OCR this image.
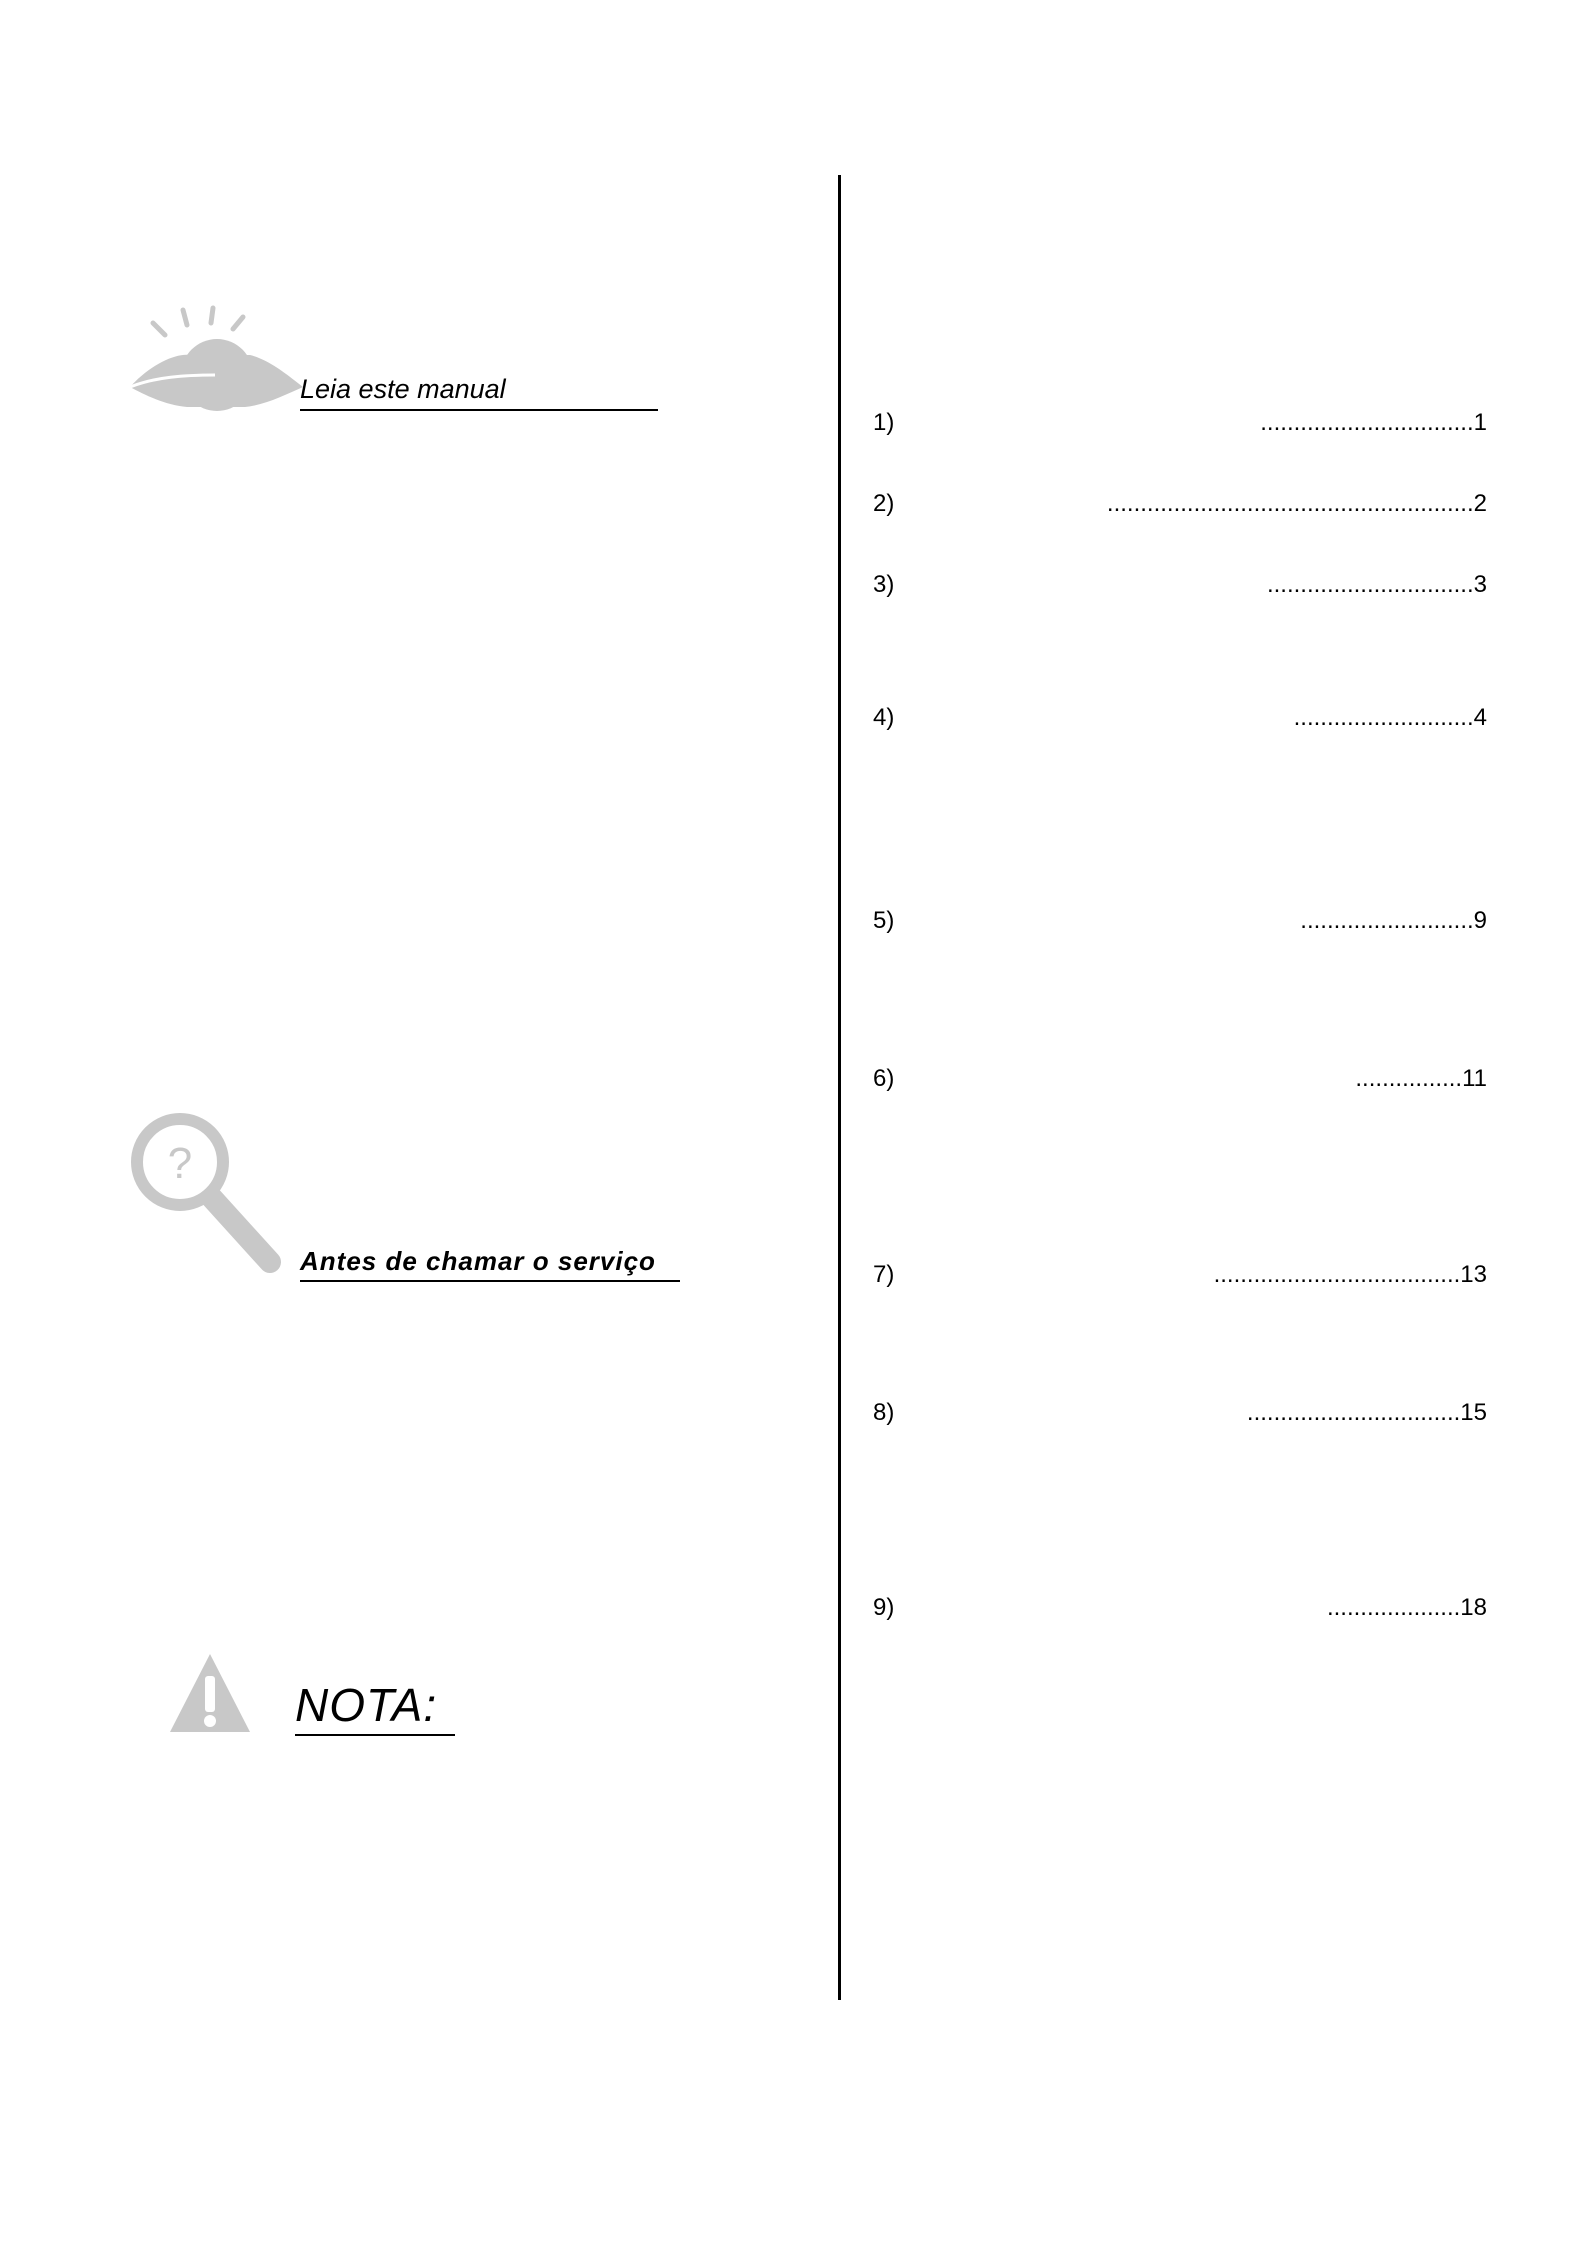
Leia este manual
?
Antes de chamar o serviço
NOTA:
1)	................................1
2)	.......................................................2
3)	...............................3
4)	...........................4
5)	..........................9
6)	................11
7)	.....................................13
8)	................................15
9)	....................18
